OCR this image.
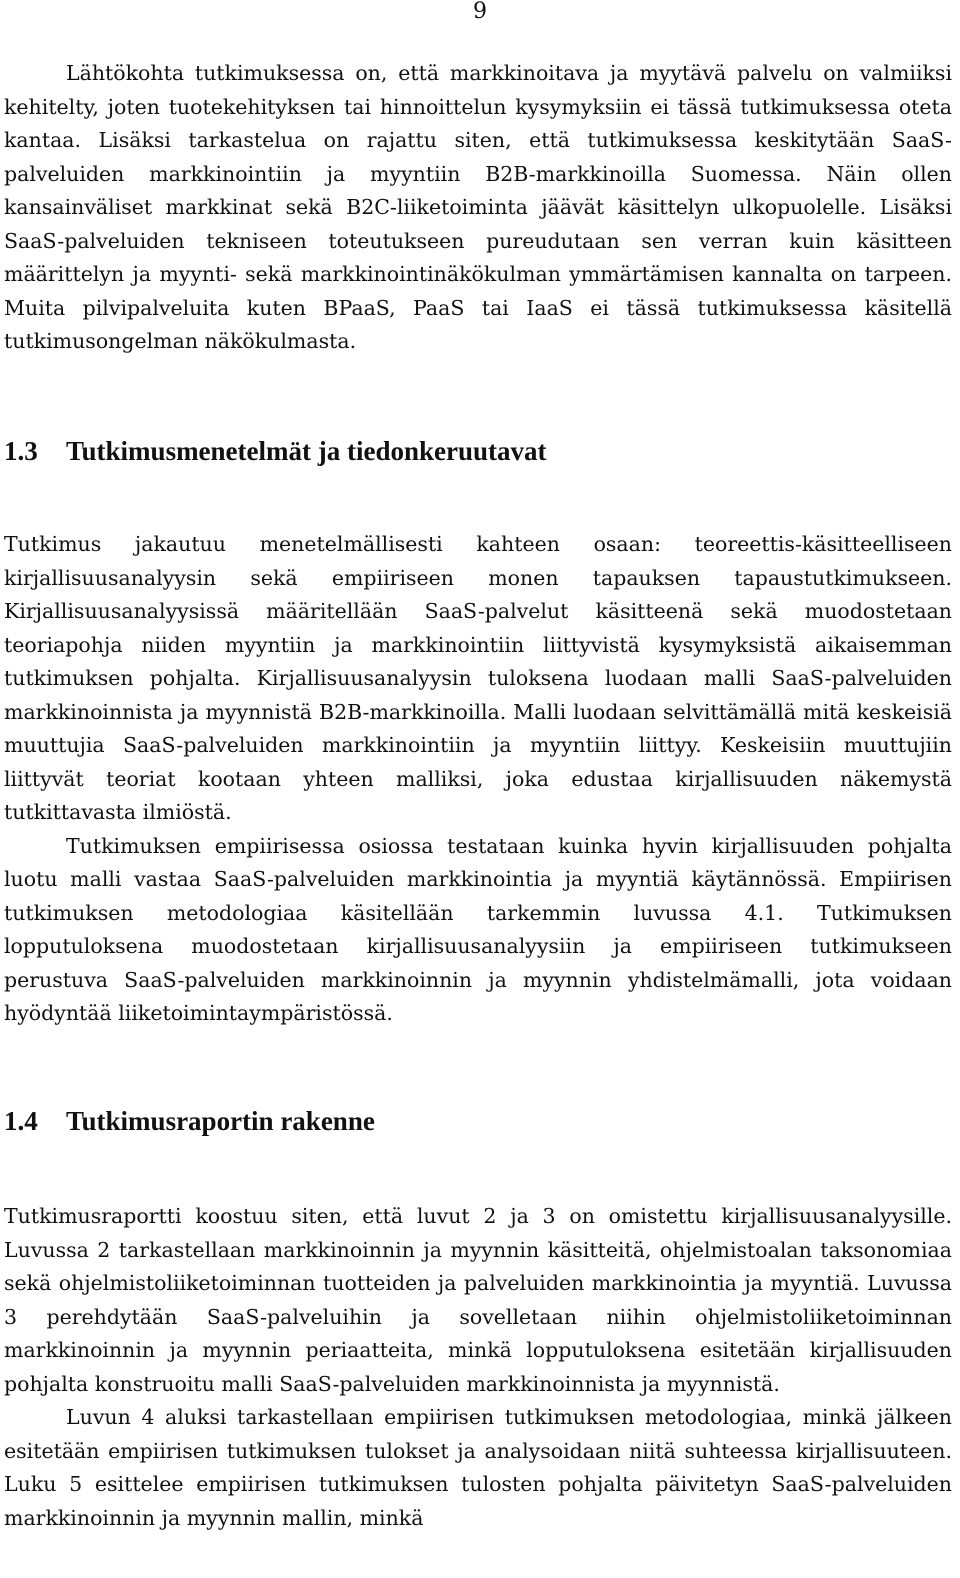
9

Lähtökohta tutkimuksessa on, että markkinoitava ja myytävä palvelu on valmiiksi kehitelty, joten tuotekehityksen tai hinnoittelun kysymyksiin ei tässä tutkimuksessa oteta kantaa. Lisäksi tarkastelua on rajattu siten, että tutkimuksessa keskitytään SaaS-palveluiden markkinointiin ja myyntiin B2B-markkinoilla Suomessa. Näin ollen kansainväliset markkinat sekä B2C-liiketoiminta jäävät käsittelyn ulkopuolelle. Lisäksi SaaS-palveluiden tekniseen toteutukseen pureudutaan sen verran kuin käsitteen määrittelyn ja myynti- sekä markkinointinäkökulman ymmärtämisen kannalta on tarpeen. Muita pilvipalveluita kuten BPaaS, PaaS tai IaaS ei tässä tutkimuksessa käsitellä tutkimusongelman näkökulmasta.

1.3 Tutkimusmenetelmät ja tiedonkeruutavat

Tutkimus jakautuu menetelmällisesti kahteen osaan: teoreettis-käsitteelliseen kirjallisuusanalyysin sekä empiiriseen monen tapauksen tapaustutkimukseen. Kirjallisuusanalyysissä määritellään SaaS-palvelut käsitteenä sekä muodostetaan teoriapohja niiden myyntiin ja markkinointiin liittyvistä kysymyksistä aikaisemman tutkimuksen pohjalta. Kirjallisuusanalyysin tuloksena luodaan malli SaaS-palveluiden markkinoinnista ja myynnistä B2B-markkinoilla. Malli luodaan selvittämällä mitä keskeisiä muuttujia SaaS-palveluiden markkinointiin ja myyntiin liittyy. Keskeisiin muuttujiin liittyvät teoriat kootaan yhteen malliksi, joka edustaa kirjallisuuden näkemystä tutkittavasta ilmiöstä.

Tutkimuksen empiirisessa osiossa testataan kuinka hyvin kirjallisuuden pohjalta luotu malli vastaa SaaS-palveluiden markkinointia ja myyntiä käytännössä. Empiirisen tutkimuksen metodologiaa käsitellään tarkemmin luvussa 4.1. Tutkimuksen lopputuloksena muodostetaan kirjallisuusanalyysiin ja empiiriseen tutkimukseen perustuva SaaS-palveluiden markkinoinnin ja myynnin yhdistelmämalli, jota voidaan hyödyntää liiketoimintaympäristössä.

1.4 Tutkimusraportin rakenne

Tutkimusraportti koostuu siten, että luvut 2 ja 3 on omistettu kirjallisuusanalyysille. Luvussa 2 tarkastellaan markkinoinnin ja myynnin käsitteitä, ohjelmistoalan taksonomiaa sekä ohjelmistoliiketoiminnan tuotteiden ja palveluiden markkinointia ja myyntiä. Luvussa 3 perehdytään SaaS-palveluihin ja sovelletaan niihin ohjelmistoliiketoiminnan markkinoinnin ja myynnin periaatteita, minkä lopputuloksena esitetään kirjallisuuden pohjalta konstruoitu malli SaaS-palveluiden markkinoinnista ja myynnistä.

Luvun 4 aluksi tarkastellaan empiirisen tutkimuksen metodologiaa, minkä jälkeen esitetään empiirisen tutkimuksen tulokset ja analysoidaan niitä suhteessa kirjallisuuteen. Luku 5 esittelee empiirisen tutkimuksen tulosten pohjalta päivitetyn SaaS-palveluiden markkinoinnin ja myynnin mallin, minkä
